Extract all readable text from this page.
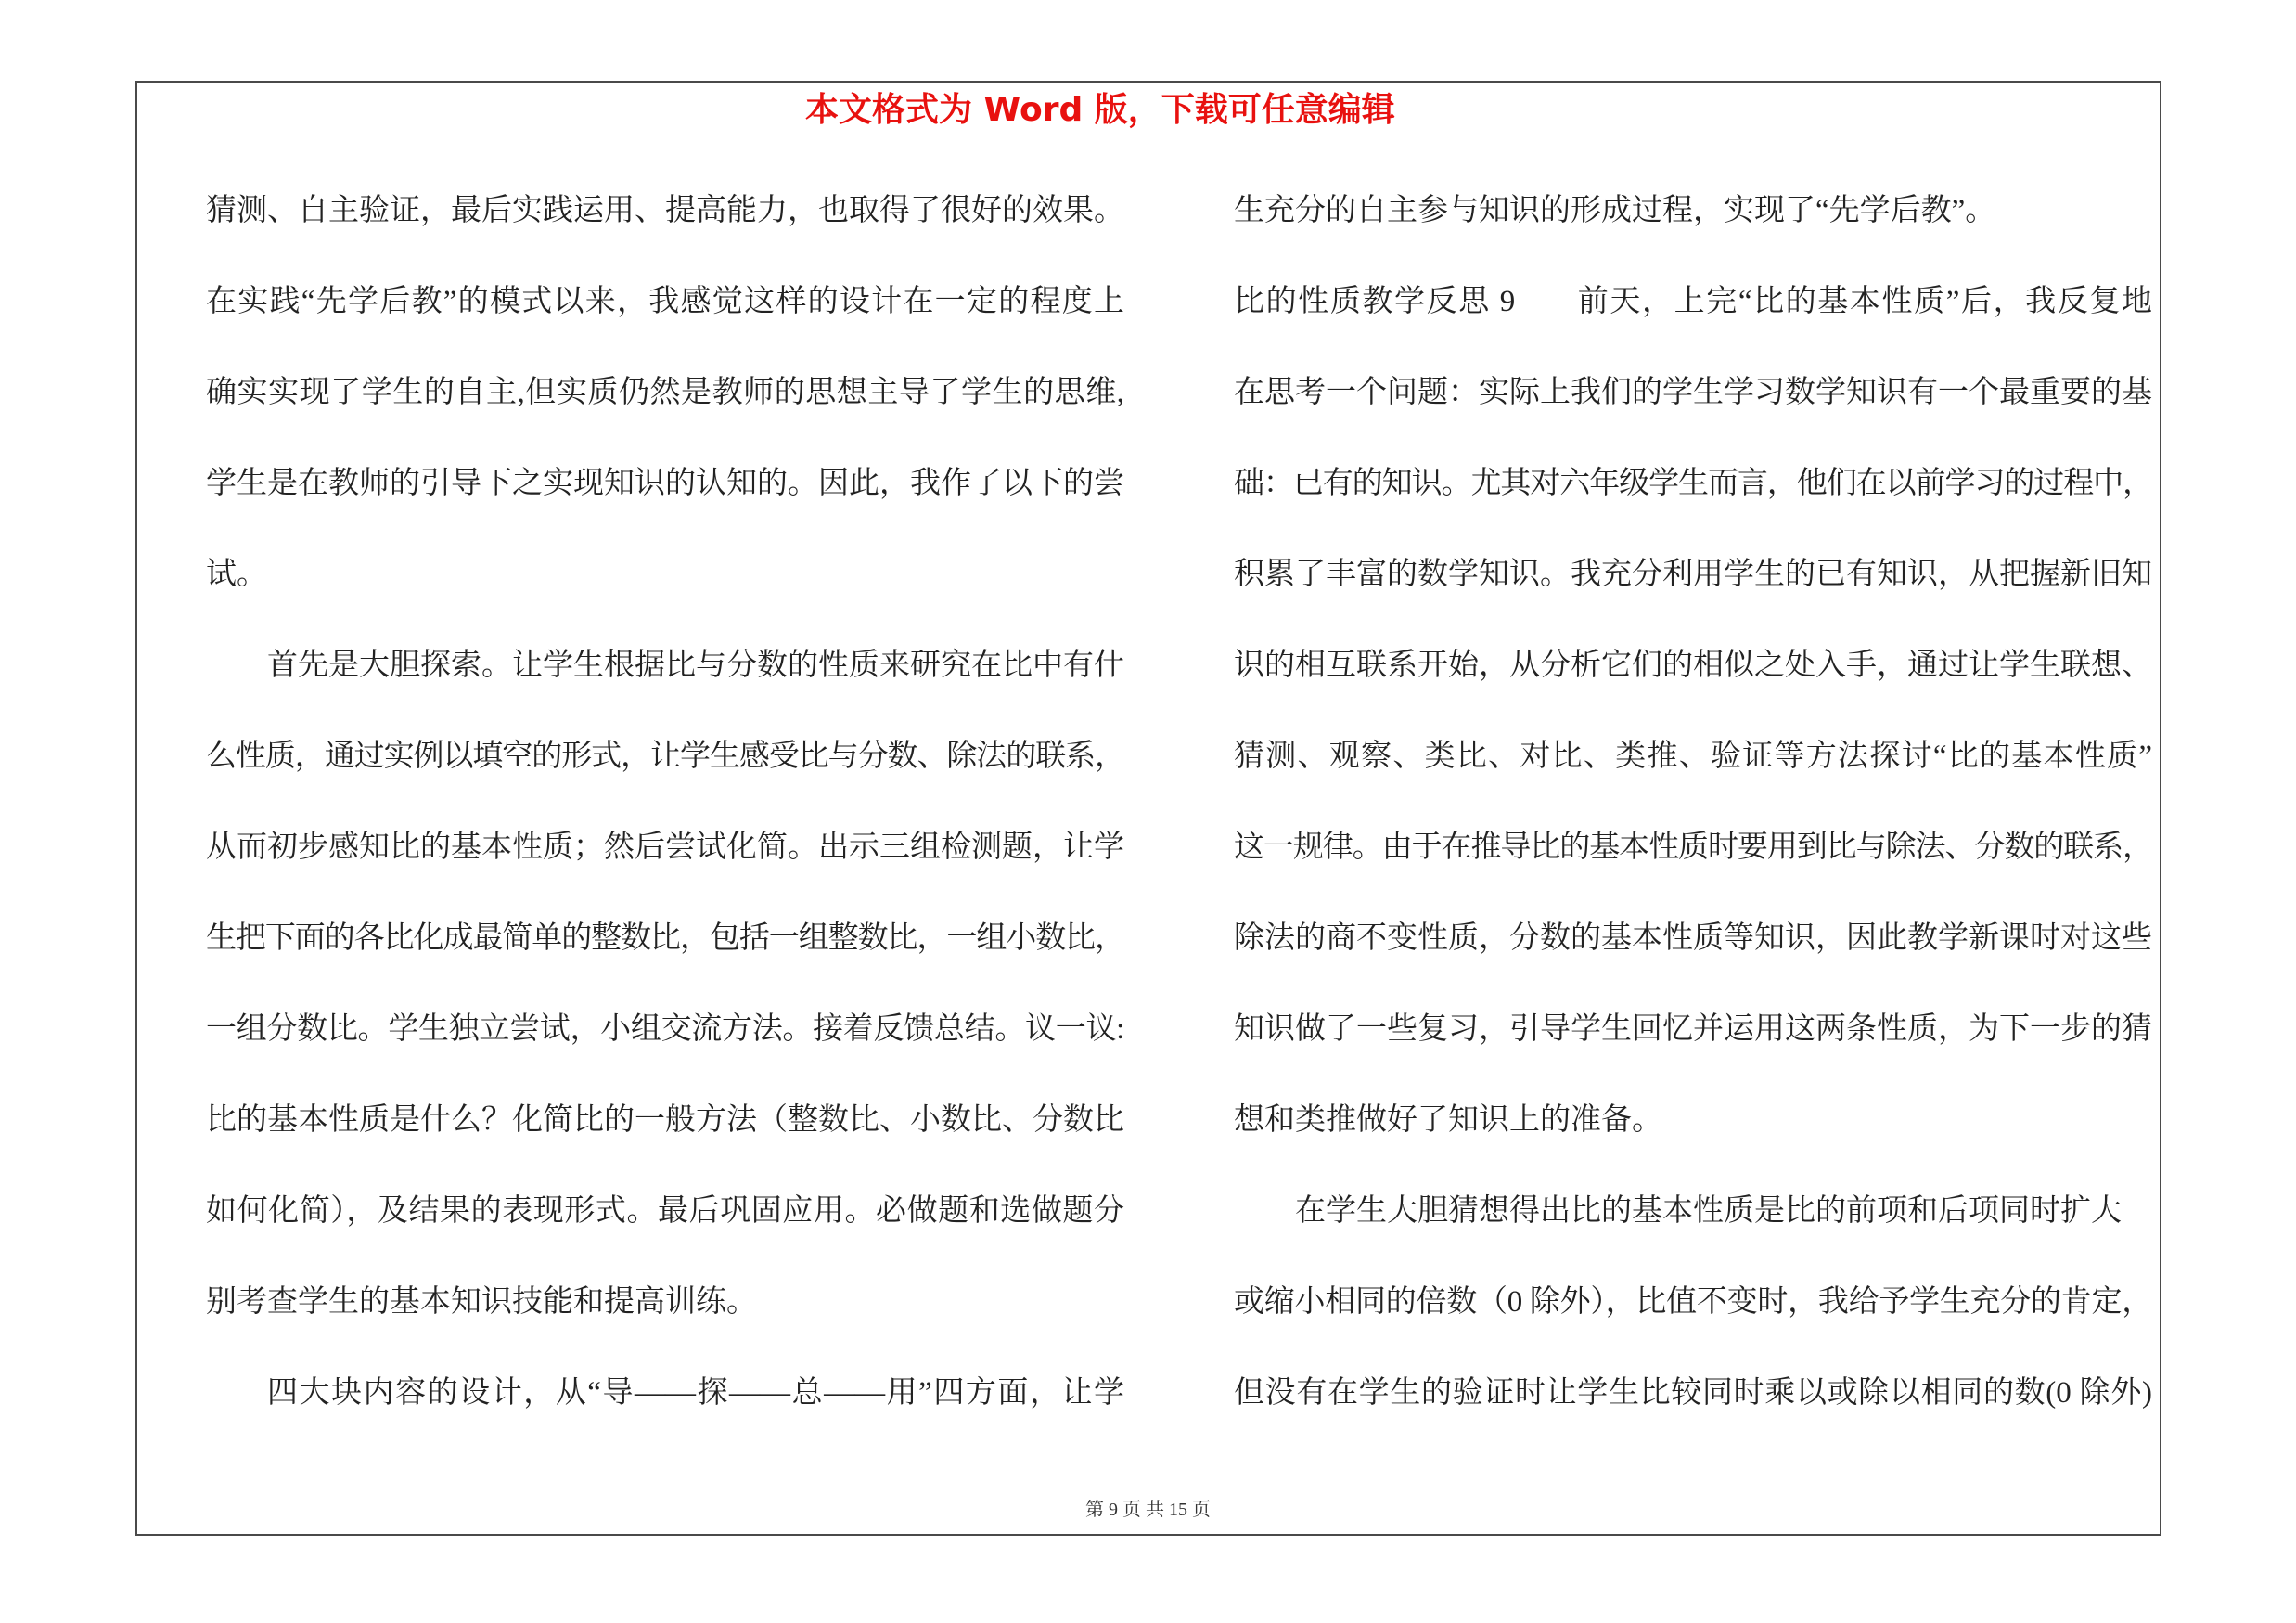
本文格式为 Word 版，下载可任意编辑
猜测、自主验证，最后实践运用、提高能力，也取得了很好的效果。
在实践“先学后教”的模式以来，我感觉这样的设计在一定的程度上
确实实现了学生的自主,但实质仍然是教师的思想主导了学生的思维,
学生是在教师的引导下之实现知识的认知的。因此，我作了以下的尝
试。
首先是大胆探索。让学生根据比与分数的性质来研究在比中有什
么性质，通过实例以填空的形式，让学生感受比与分数、除法的联系，
从而初步感知比的基本性质；然后尝试化简。出示三组检测题，让学
生把下面的各比化成最简单的整数比，包括一组整数比，一组小数比，
一组分数比。学生独立尝试，小组交流方法。接着反馈总结。议一议:
比的基本性质是什么？化简比的一般方法（整数比、小数比、分数比
如何化简），及结果的表现形式。最后巩固应用。必做题和选做题分
别考查学生的基本知识技能和提高训练。
四大块内容的设计，从“导——探——总——用”四方面，让学
生充分的自主参与知识的形成过程，实现了“先学后教”。
比的性质教学反思 9 前天，上完“比的基本性质”后，我反复地
在思考一个问题：实际上我们的学生学习数学知识有一个最重要的基
础：已有的知识。尤其对六年级学生而言，他们在以前学习的过程中，
积累了丰富的数学知识。我充分利用学生的已有知识，从把握新旧知
识的相互联系开始，从分析它们的相似之处入手，通过让学生联想、
猜测、观察、类比、对比、类推、验证等方法探讨“比的基本性质”
这一规律。由于在推导比的基本性质时要用到比与除法、分数的联系，
除法的商不变性质，分数的基本性质等知识，因此教学新课时对这些
知识做了一些复习，引导学生回忆并运用这两条性质，为下一步的猜
想和类推做好了知识上的准备。
在学生大胆猜想得出比的基本性质是比的前项和后项同时扩大
或缩小相同的倍数（0 除外），比值不变时，我给予学生充分的肯定，
但没有在学生的验证时让学生比较同时乘以或除以相同的数(0 除外)
第 9 页 共 15 页
